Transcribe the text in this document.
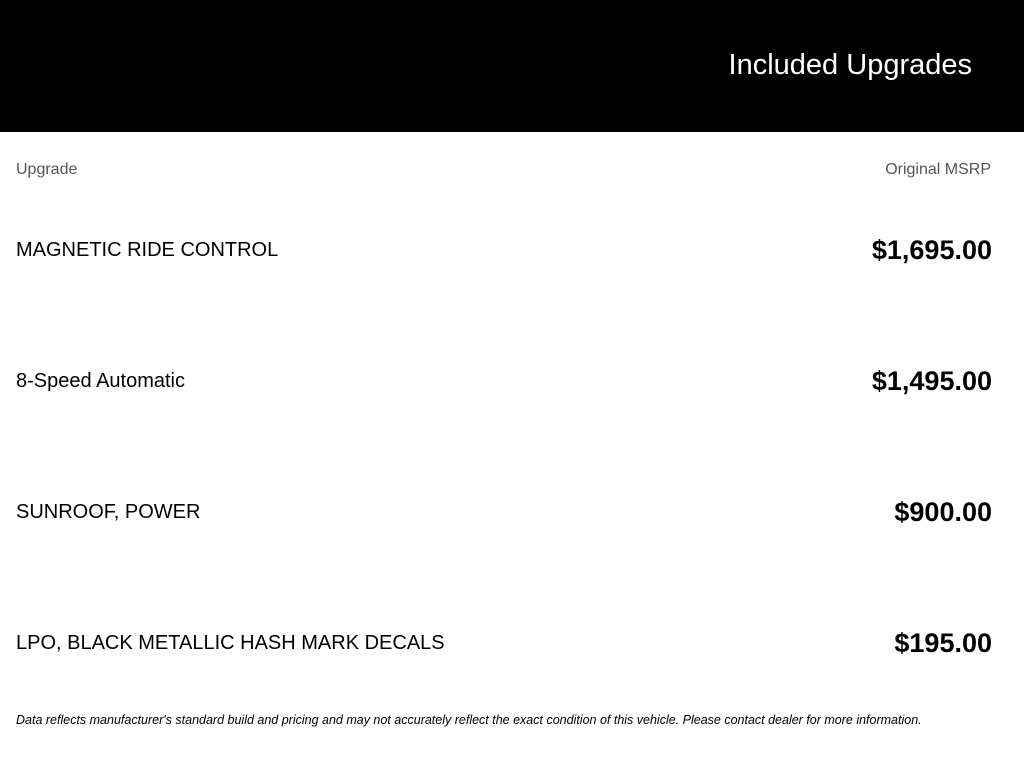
Included Upgrades
Upgrade	Original MSRP
MAGNETIC RIDE CONTROL	$1,695.00
8-Speed Automatic	$1,495.00
SUNROOF, POWER	$900.00
LPO, BLACK METALLIC HASH MARK DECALS	$195.00
Data reflects manufacturer's standard build and pricing and may not accurately reflect the exact condition of this vehicle. Please contact dealer for more information.
